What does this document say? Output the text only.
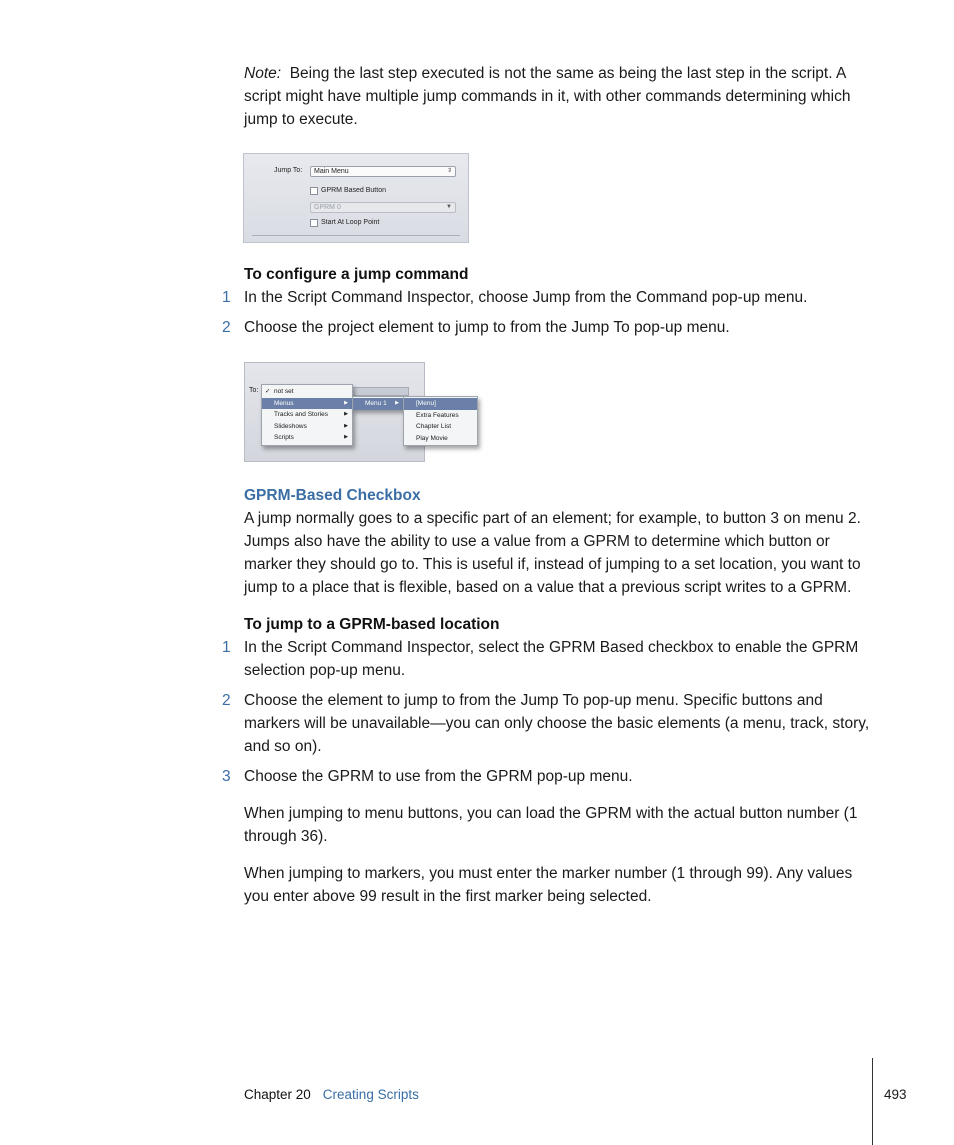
Note: Being the last step executed is not the same as being the last step in the script. A script might have multiple jump commands in it, with other commands determining which jump to execute.
Jump To:	Main Menu	⇕
GPRM Based Button
GPRM 0	▼
Start At Loop Point
To configure a jump command
1 In the Script Command Inspector, choose Jump from the Command pop-up menu.
2 Choose the project element to jump to from the Jump To pop-up menu.
To: ✓ not set
Menus	▶
Tracks and Stories	▶
Slideshows	▶
Scripts	▶
Menu 1 ▶	[Menu]
Extra Features
Chapter List
Play Movie
GPRM-Based Checkbox
A jump normally goes to a specific part of an element; for example, to button 3 on menu 2. Jumps also have the ability to use a value from a GPRM to determine which button or marker they should go to. This is useful if, instead of jumping to a set location, you want to jump to a place that is flexible, based on a value that a previous script writes to a GPRM.
To jump to a GPRM-based location
1 In the Script Command Inspector, select the GPRM Based checkbox to enable the GPRM selection pop-up menu.
2 Choose the element to jump to from the Jump To pop-up menu. Specific buttons and markers will be unavailable—you can only choose the basic elements (a menu, track, story, and so on).
3 Choose the GPRM to use from the GPRM pop-up menu.
When jumping to menu buttons, you can load the GPRM with the actual button number (1 through 36).
When jumping to markers, you must enter the marker number (1 through 99). Any values you enter above 99 result in the first marker being selected.
Chapter 20 Creating Scripts	493
